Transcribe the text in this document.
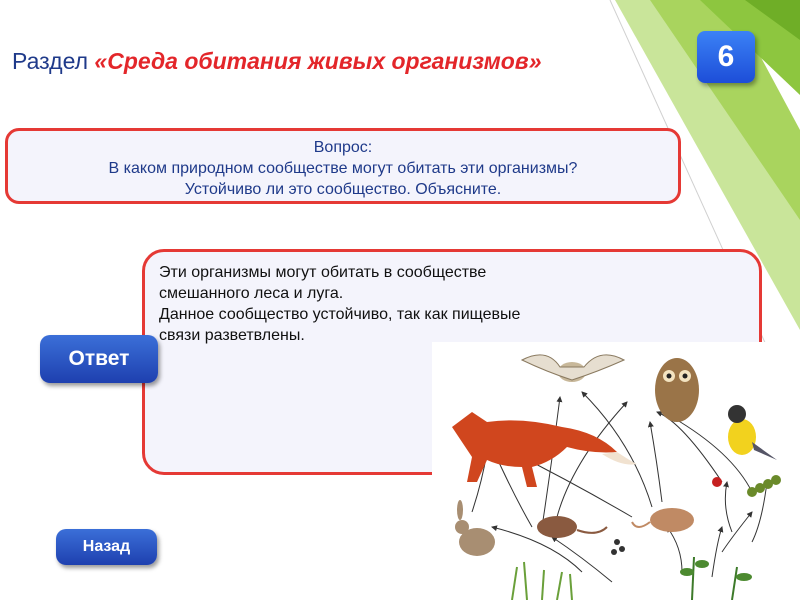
Раздел «Среда обитания живых организмов»	6
Вопрос:
В каком природном сообществе могут обитать эти организмы?
Устойчиво ли это сообщество. Объясните.

Эти организмы могут обитать в сообществе

смешанного леса и луга.

Данное сообщество устойчиво, так как пищевые

связи разветвлены.

Ответ
Назад
